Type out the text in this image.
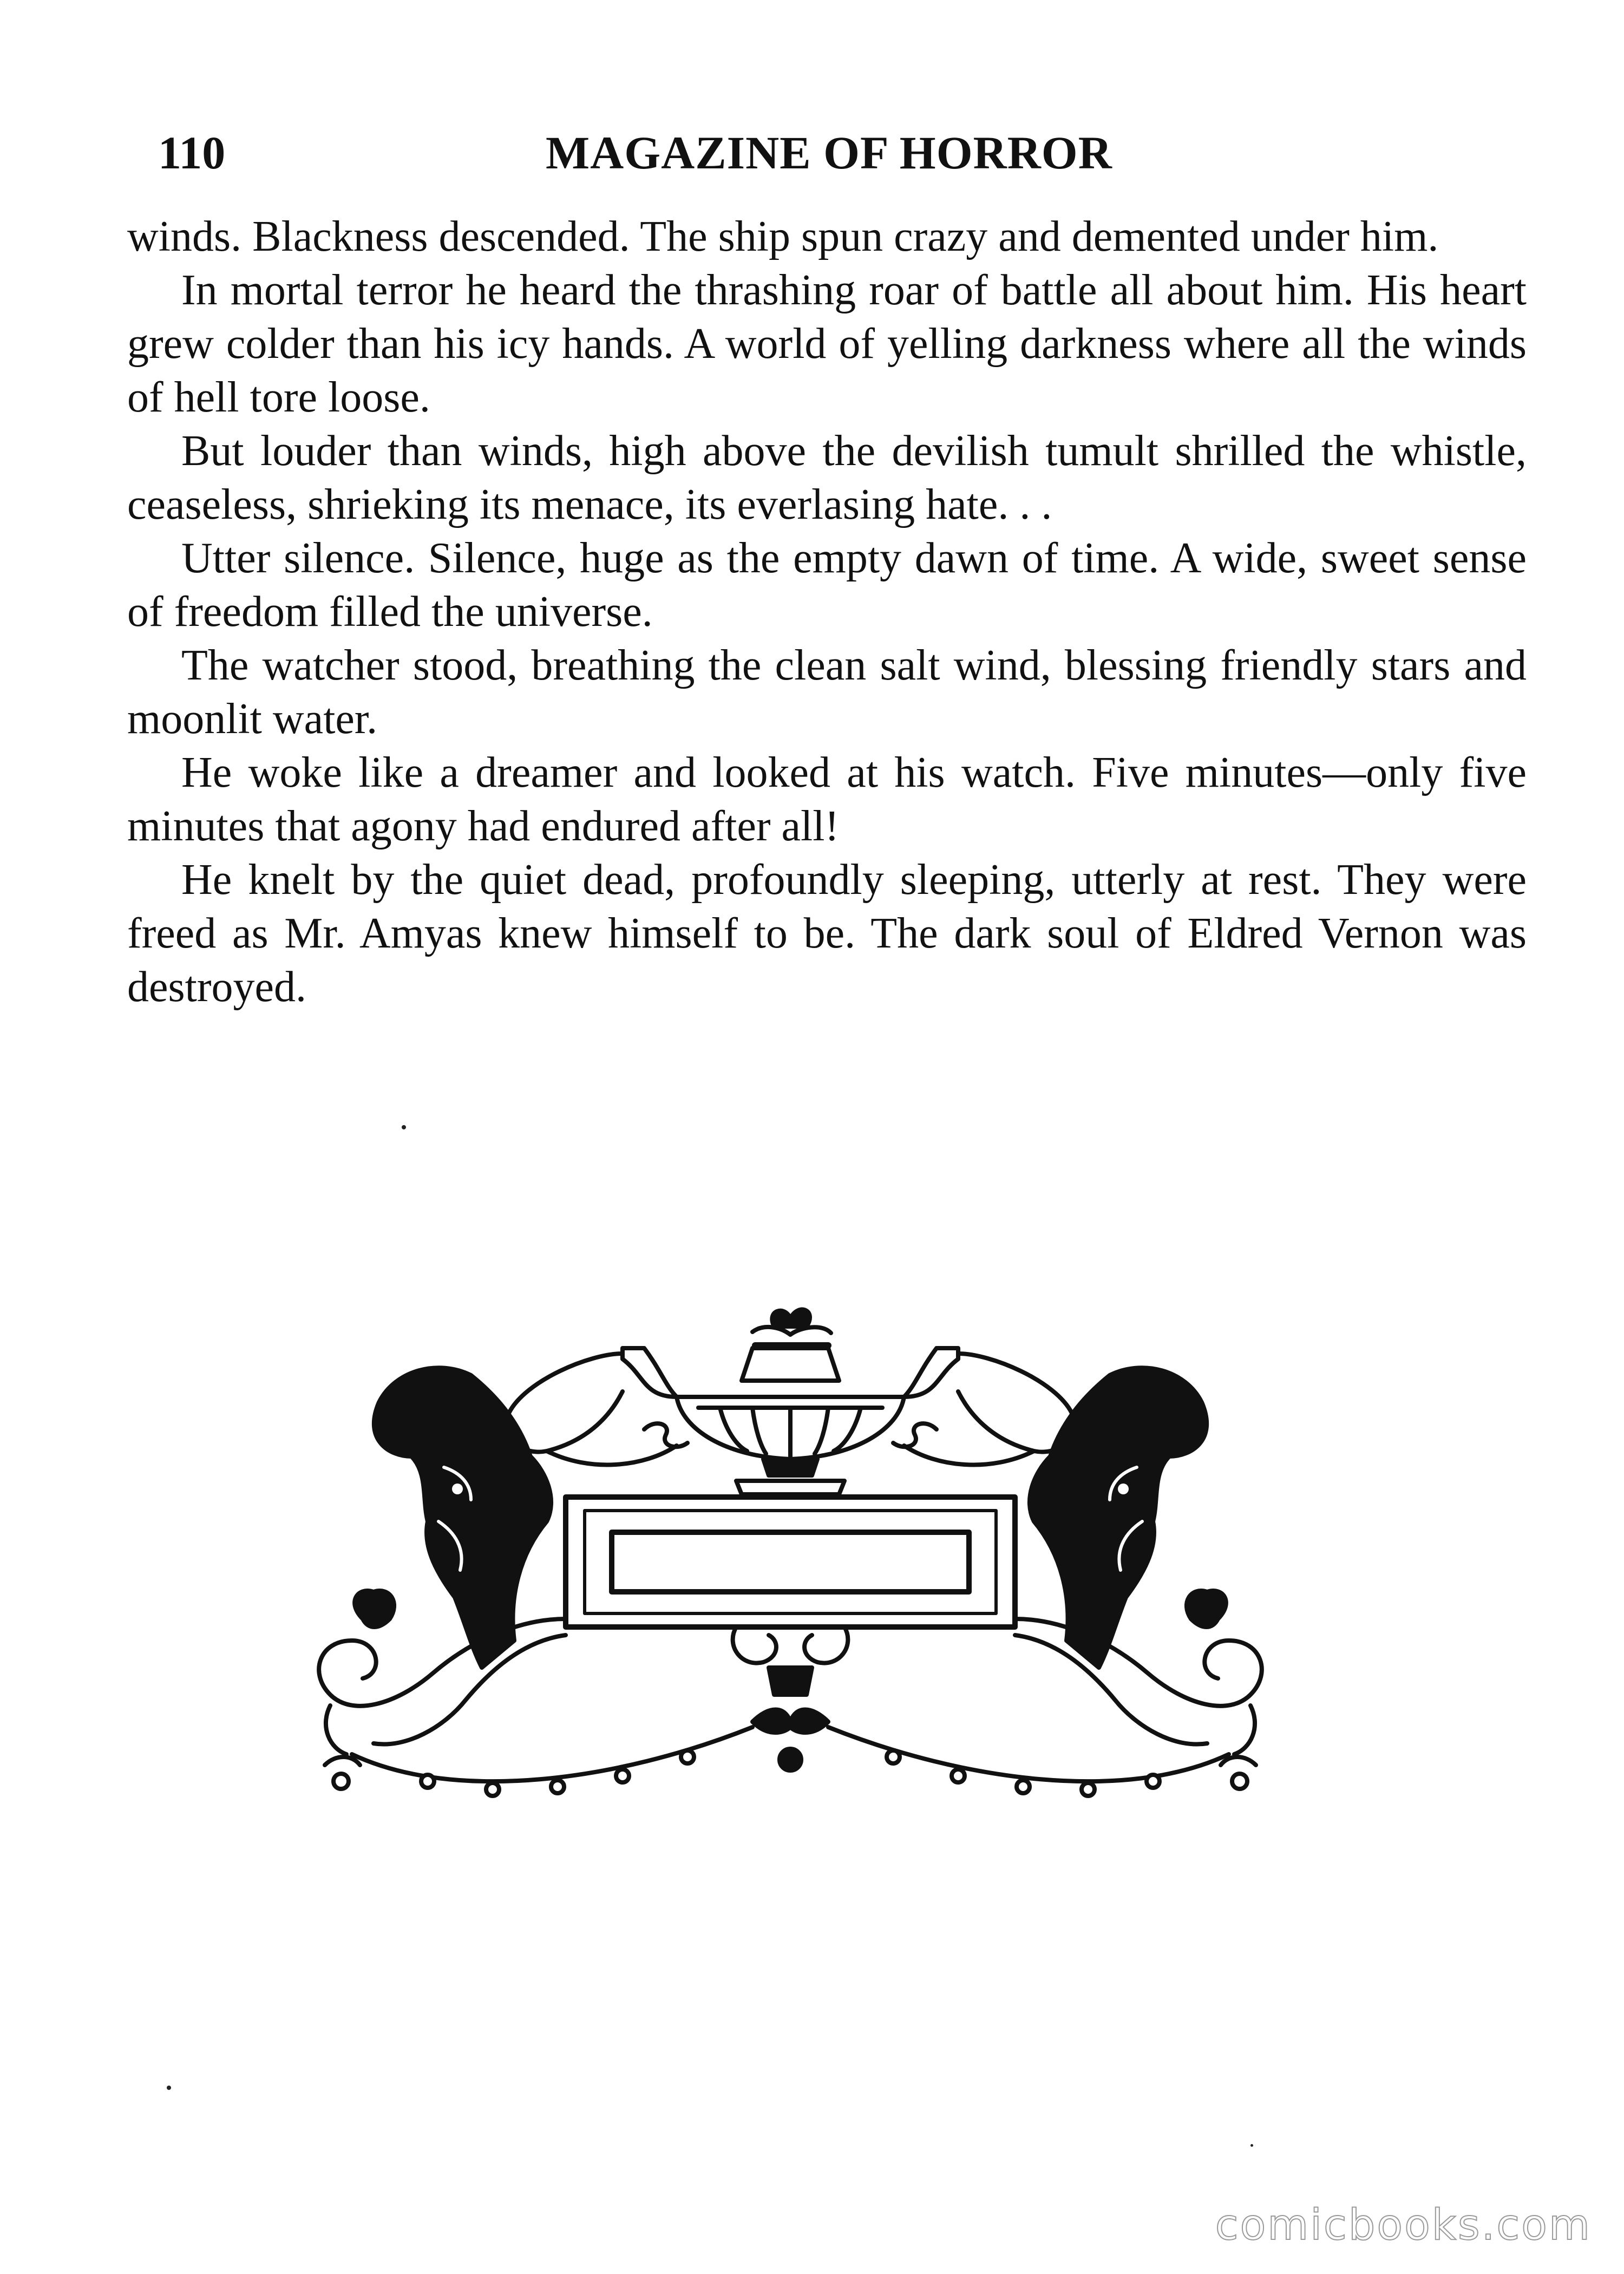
110	MAGAZINE OF HORROR

winds. Blackness descended. The ship spun crazy and demented under him.

In mortal terror he heard the thrashing roar of battle all about him. His heart grew colder than his icy hands. A world of yelling darkness where all the winds of hell tore loose.

But louder than winds, high above the devilish tumult shrilled the whistle, ceaseless, shrieking its menace, its everlasing hate. . .

Utter silence. Silence, huge as the empty dawn of time. A wide, sweet sense of freedom filled the universe.

The watcher stood, breathing the clean salt wind, blessing friendly stars and moonlit water.

He woke like a dreamer and looked at his watch. Five minutes—only five minutes that agony had endured after all!

He knelt by the quiet dead, profoundly sleeping, utterly at rest. They were freed as Mr. Amyas knew himself to be. The dark soul of Eldred Vernon was destroyed.

comicbooks.com
